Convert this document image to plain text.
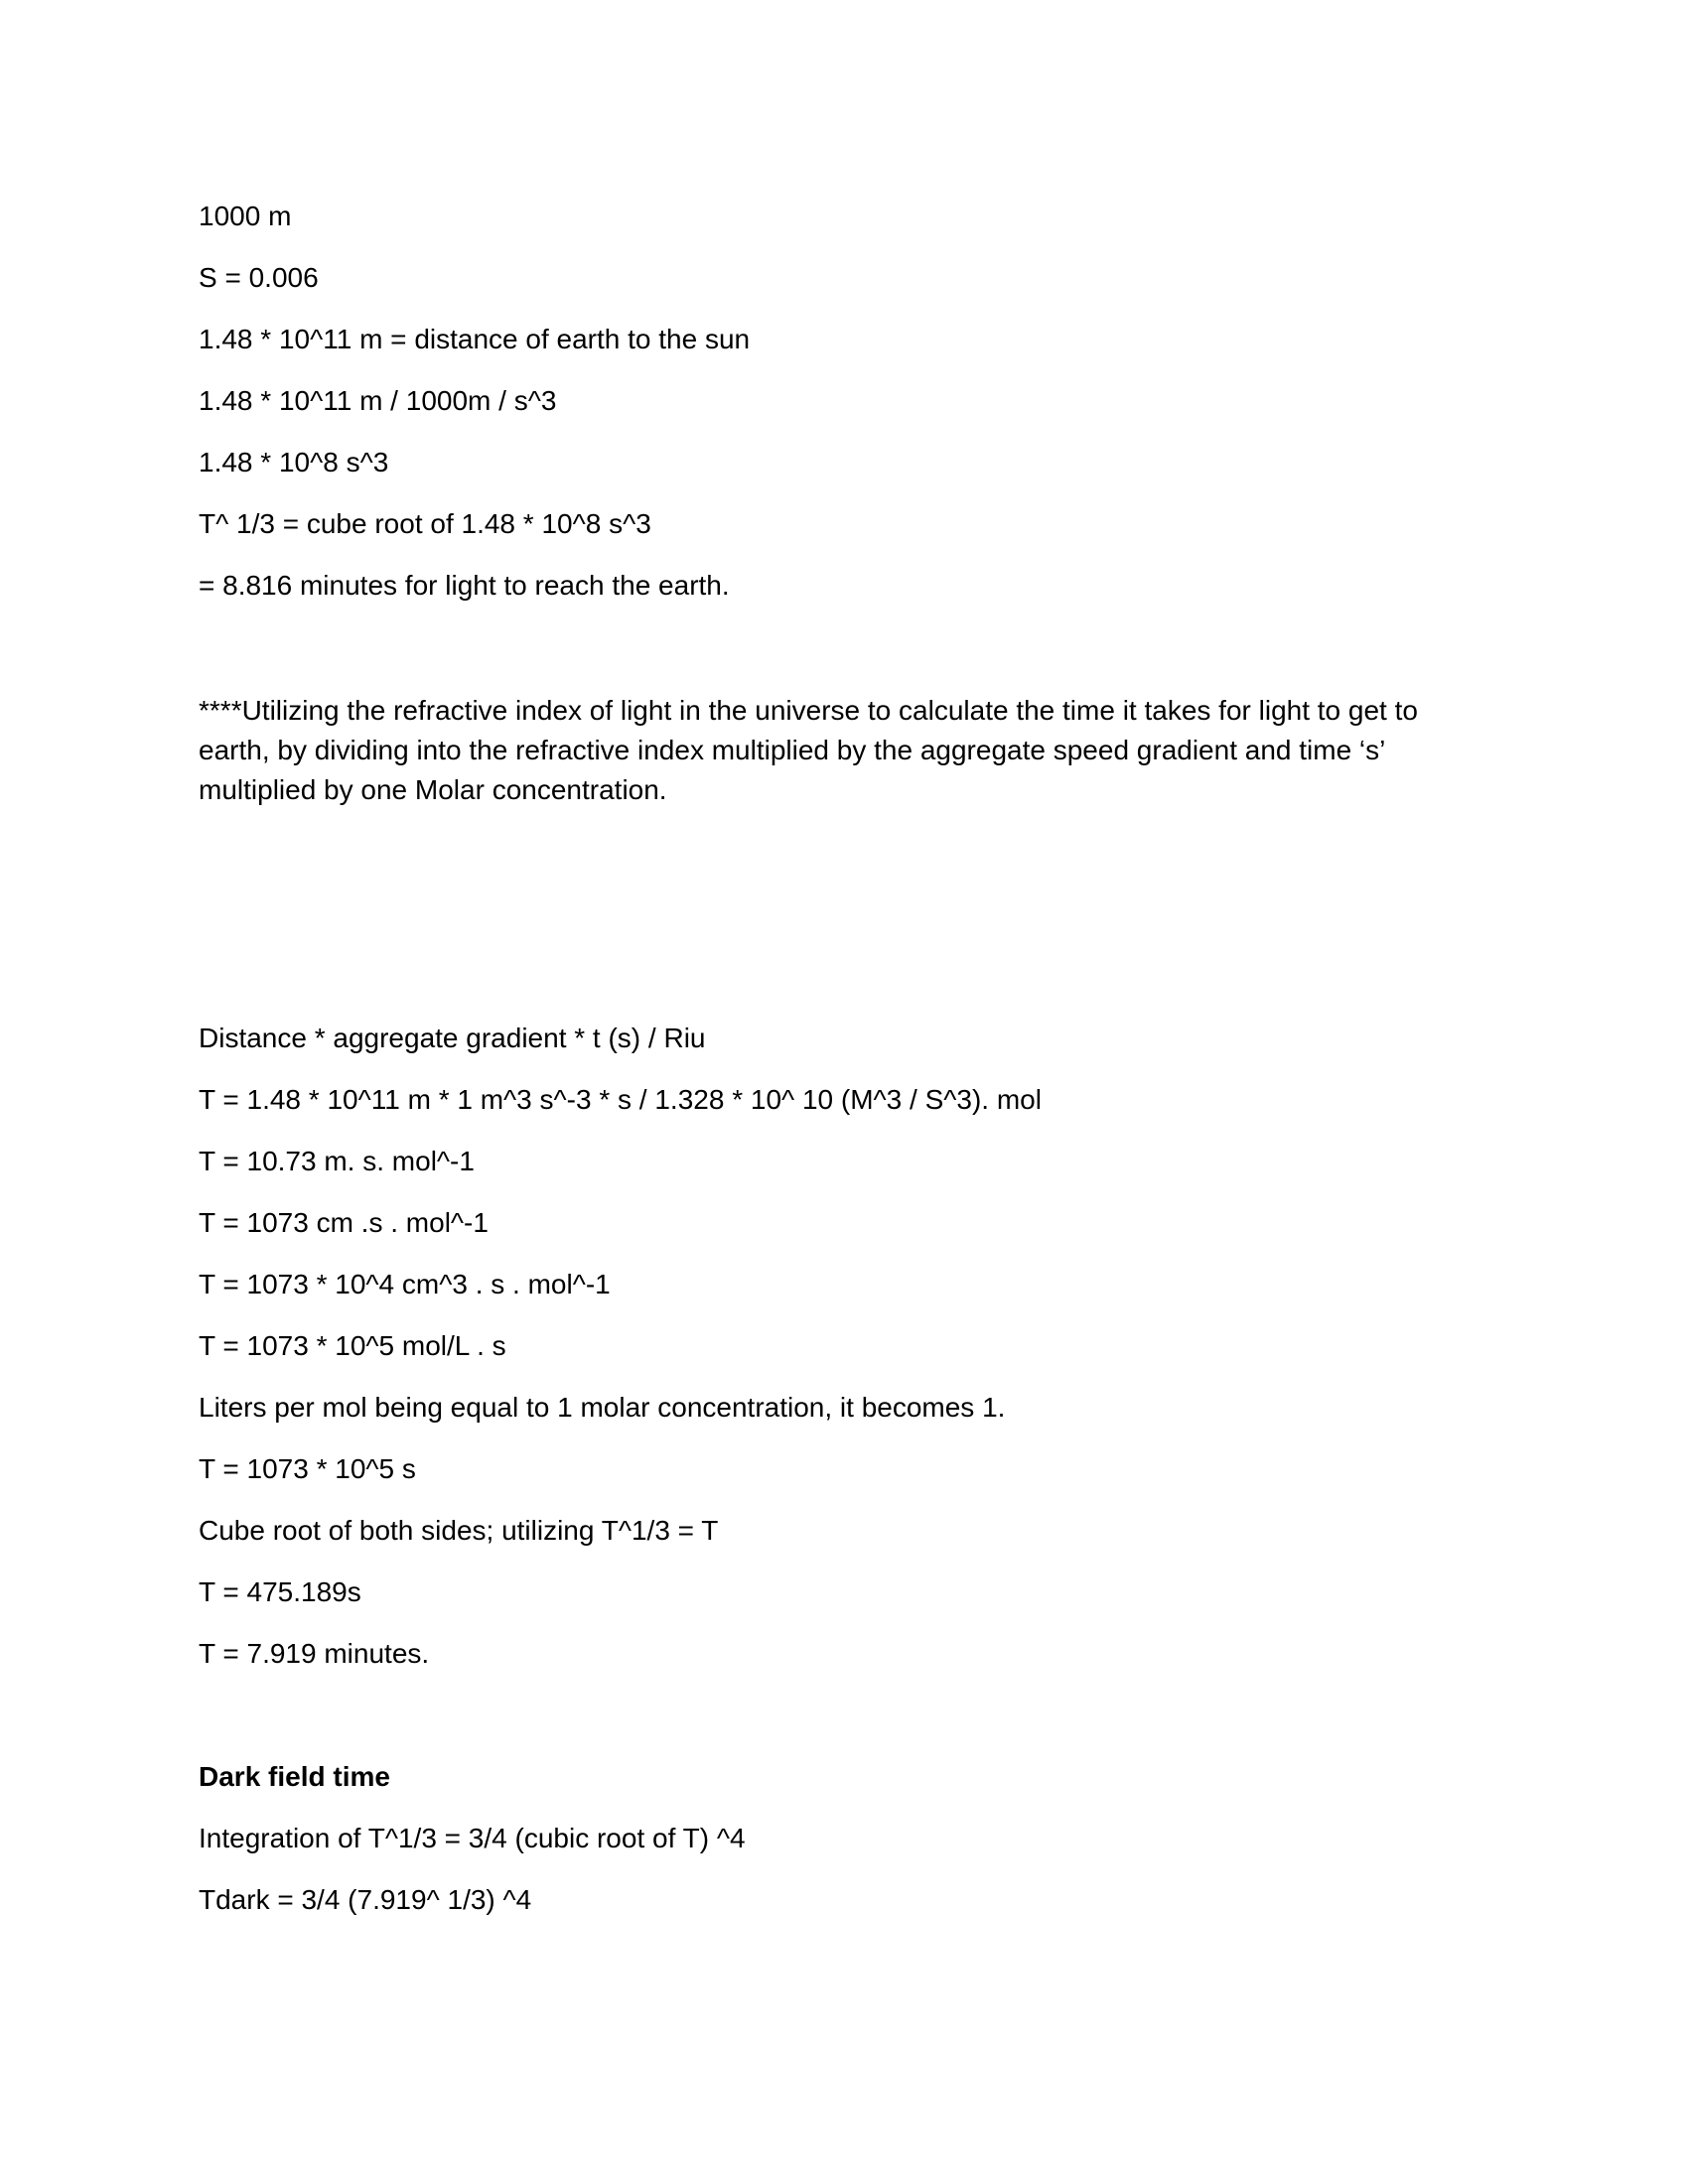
1000 m
S = 0.006
1.48 * 10^11 m = distance of earth to the sun
1.48 * 10^11 m / 1000m / s^3
1.48 * 10^8 s^3
T^ 1/3 = cube root of 1.48 * 10^8 s^3
= 8.816 minutes for light to reach the earth.
****Utilizing the refractive index of light in the universe to calculate the time it takes for light to get to earth, by dividing into the refractive index multiplied by the aggregate speed gradient and time ‘s’ multiplied by one Molar concentration.
Distance * aggregate gradient * t (s) / Riu
T = 1.48 * 10^11 m * 1 m^3 s^-3 * s / 1.328 * 10^ 10 (M^3 / S^3). mol
T = 10.73 m. s. mol^-1
T = 1073 cm .s . mol^-1
T = 1073 * 10^4 cm^3 . s . mol^-1
T = 1073 * 10^5 mol/L . s
Liters per mol being equal to 1 molar concentration, it becomes 1.
T = 1073 * 10^5 s
Cube root of both sides; utilizing T^1/3 = T
T = 475.189s
T = 7.919 minutes.
Dark field time
Integration of T^1/3 = 3/4 (cubic root of T) ^4
Tdark = 3/4 (7.919^ 1/3) ^4
